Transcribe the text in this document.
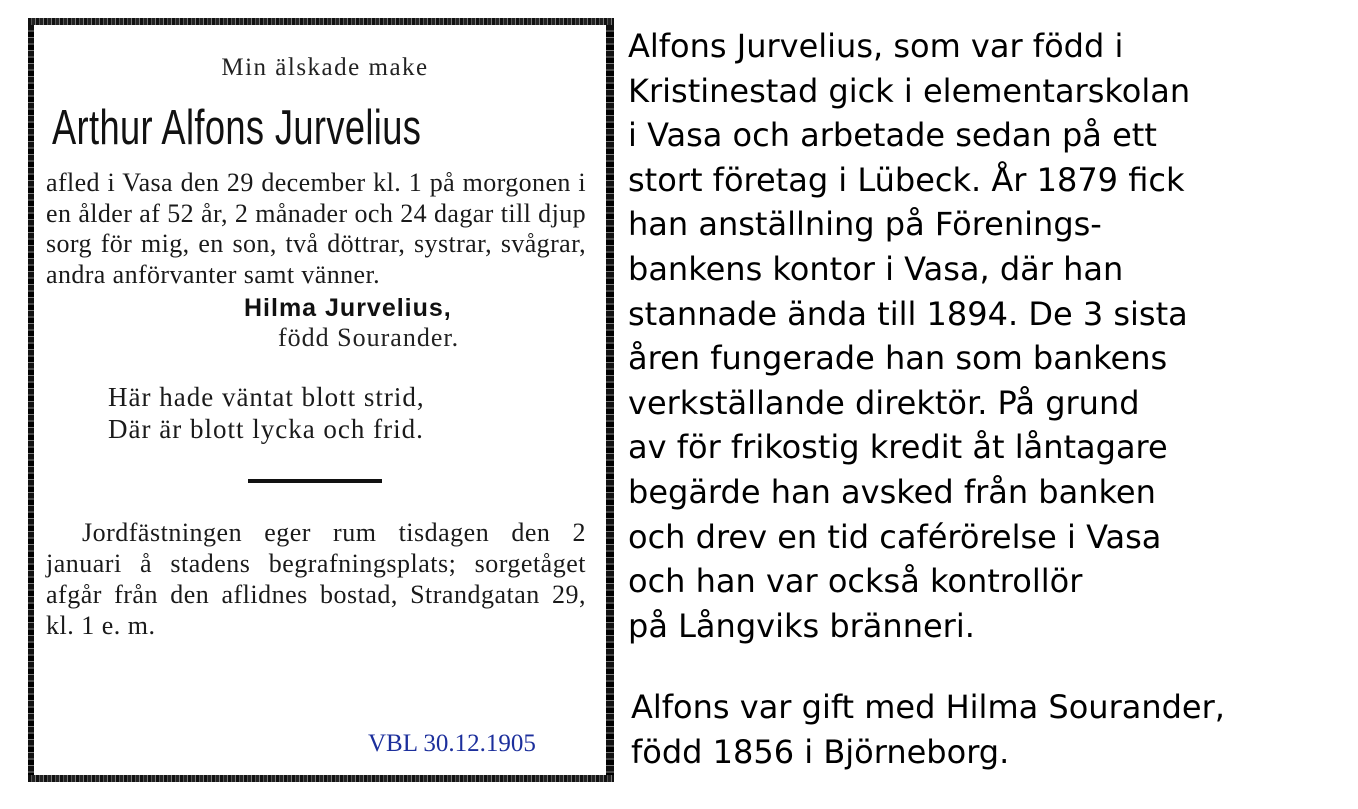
Min älskade make
Arthur Alfons Jurvelius
afled i Vasa den 29 december kl. 1 på morgonen i en ålder af 52 år, 2 månader och 24 dagar till djup sorg för mig, en son, två döttrar, systrar, svågrar, andra anförvanter samt vänner.
Hilma Jurvelius,
född Sourander.
Här hade väntat blott strid,
Där är blott lycka och frid.
Jordfästningen eger rum tisdagen den 2 januari å stadens begrafningsplats; sorgetåget afgår från den aflidnes bostad, Strandgatan 29, kl. 1 e. m.
VBL 30.12.1905
Alfons Jurvelius, som var född i
Kristinestad gick i elementarskolan
i Vasa och arbetade sedan på ett
stort företag i Lübeck. År 1879 fick
han anställning på Förenings-
bankens kontor i Vasa, där han
stannade ända till 1894. De 3 sista
åren fungerade han som bankens
verkställande direktör. På grund
av för frikostig kredit åt låntagare
begärde han avsked från banken
och drev en tid caférörelse i Vasa
och han var också kontrollör
på Långviks bränneri.
Alfons var gift med Hilma Sourander,
född 1856 i Björneborg.
